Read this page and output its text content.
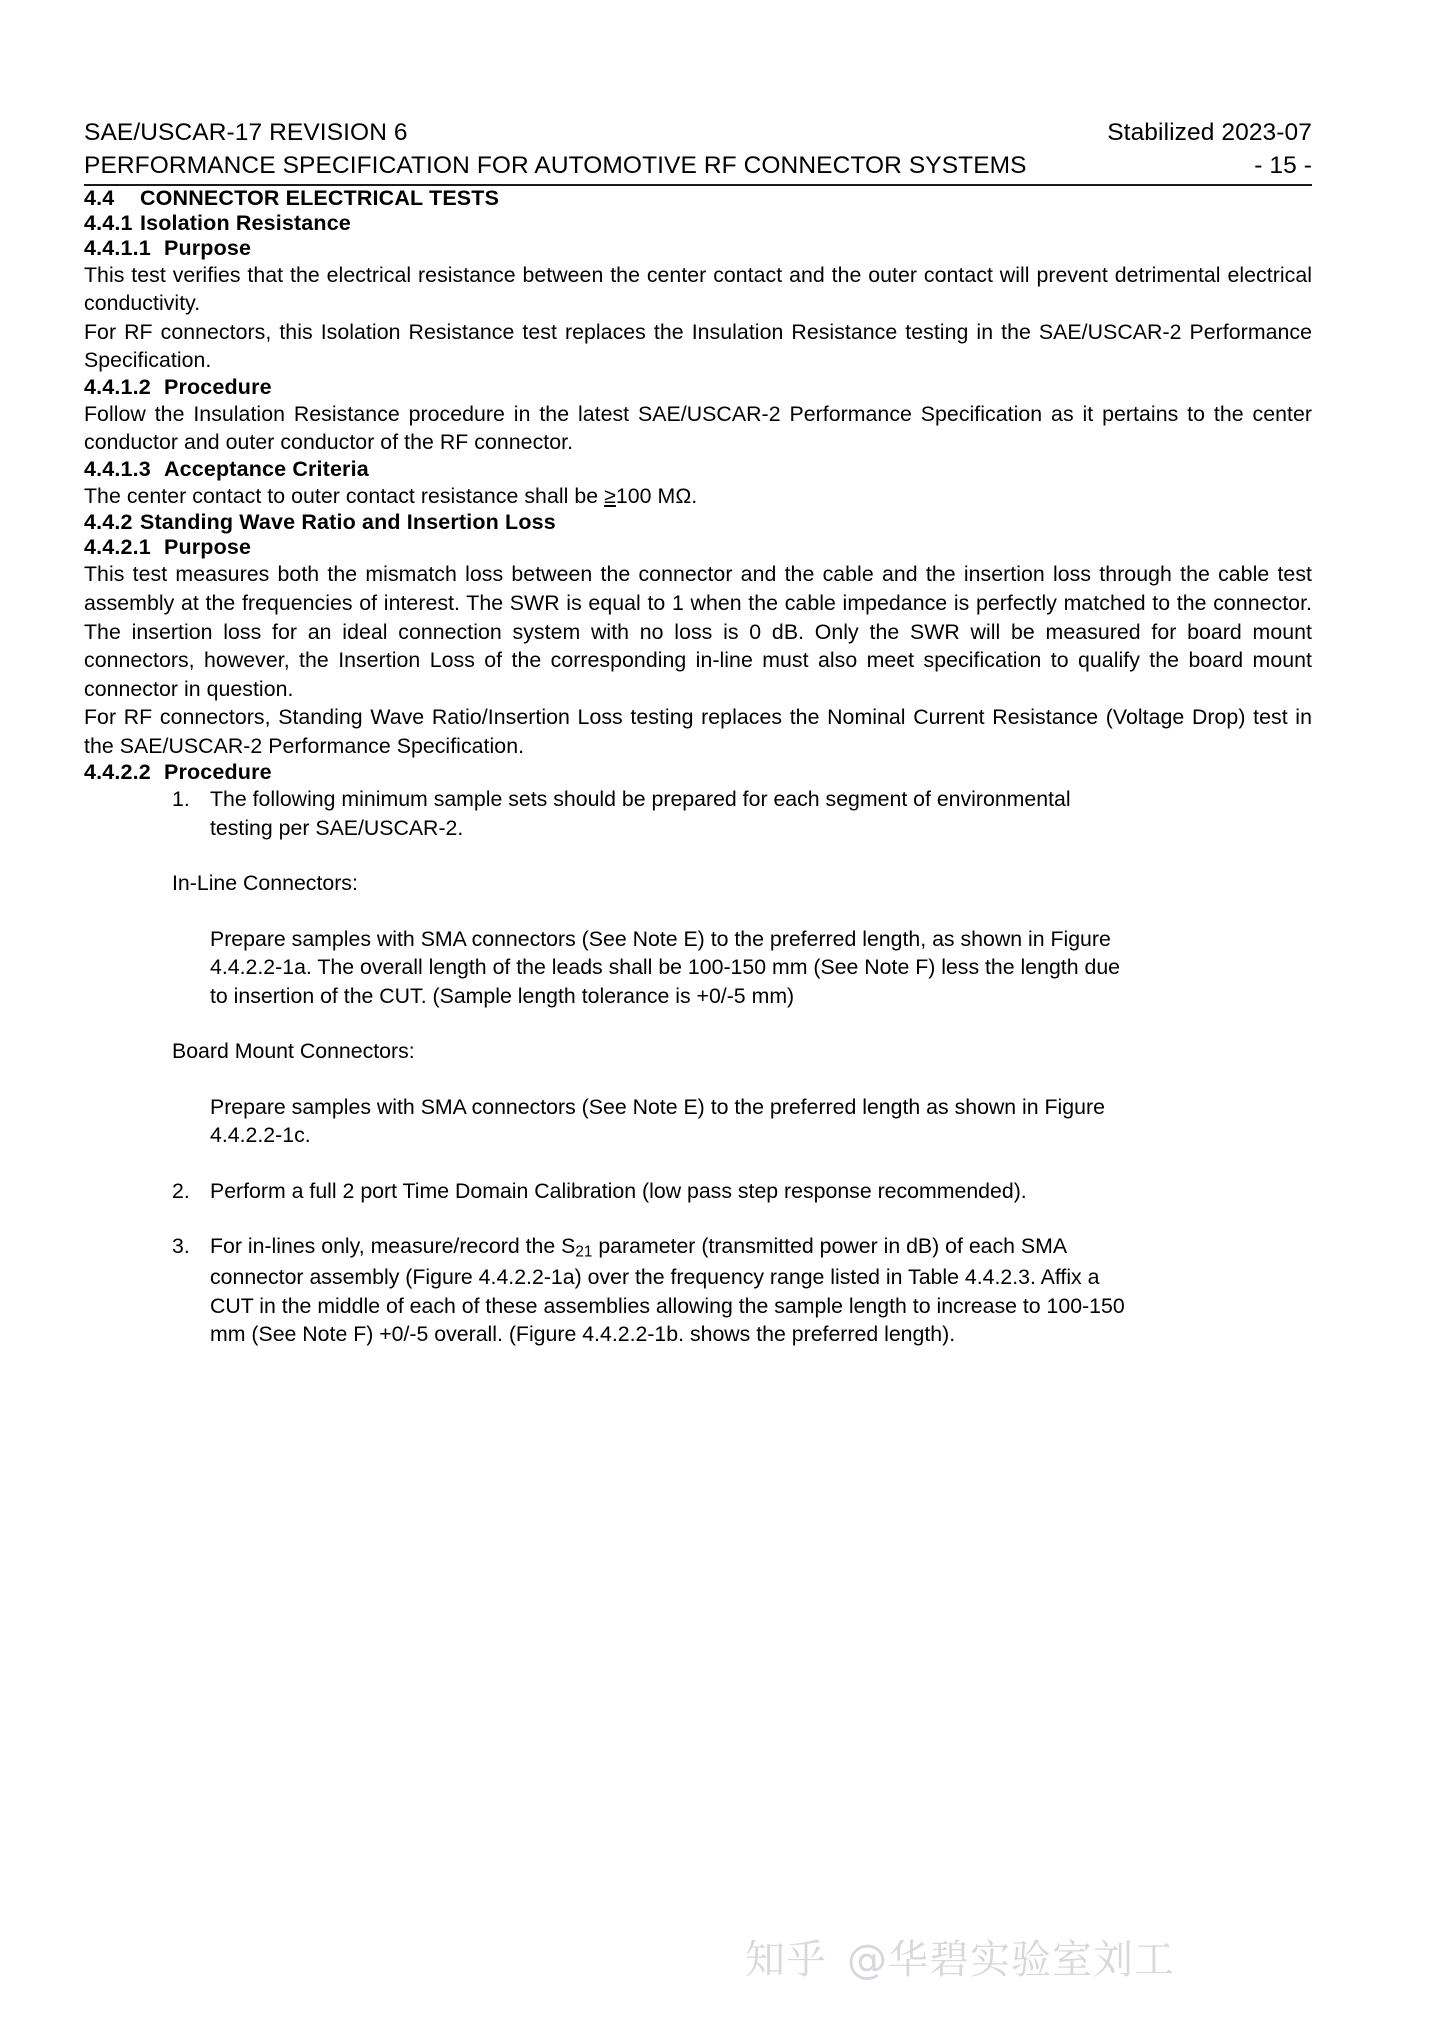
SAE/USCAR-17 REVISION 6	Stabilized 2023-07
PERFORMANCE SPECIFICATION FOR AUTOMOTIVE RF CONNECTOR SYSTEMS	- 15 -
4.4	CONNECTOR ELECTRICAL TESTS
4.4.1 Isolation Resistance
4.4.1.1 Purpose

This test verifies that the electrical resistance between the center contact and the outer contact will prevent detrimental electrical conductivity.

For RF connectors, this Isolation Resistance test replaces the Insulation Resistance testing in the SAE/USCAR-2 Performance Specification.

4.4.1.2 Procedure

Follow the Insulation Resistance procedure in the latest SAE/USCAR-2 Performance Specification as it pertains to the center conductor and outer conductor of the RF connector.

4.4.1.3 Acceptance Criteria

The center contact to outer contact resistance shall be ≥100 MΩ.

4.4.2 Standing Wave Ratio and Insertion Loss
4.4.2.1 Purpose

This test measures both the mismatch loss between the connector and the cable and the insertion loss through the cable test assembly at the frequencies of interest. The SWR is equal to 1 when the cable impedance is perfectly matched to the connector. The insertion loss for an ideal connection system with no loss is 0 dB. Only the SWR will be measured for board mount connectors, however, the Insertion Loss of the corresponding in-line must also meet specification to qualify the board mount connector in question.

For RF connectors, Standing Wave Ratio/Insertion Loss testing replaces the Nominal Current Resistance (Voltage Drop) test in the SAE/USCAR-2 Performance Specification.

4.4.2.2 Procedure
1. The following minimum sample sets should be prepared for each segment of environmental testing per SAE/USCAR-2.
In-Line Connectors:
Prepare samples with SMA connectors (See Note E) to the preferred length, as shown in Figure 4.4.2.2-1a. The overall length of the leads shall be 100-150 mm (See Note F) less the length due to insertion of the CUT. (Sample length tolerance is +0/-5 mm)
Board Mount Connectors:
Prepare samples with SMA connectors (See Note E) to the preferred length as shown in Figure 4.4.2.2-1c.
2. Perform a full 2 port Time Domain Calibration (low pass step response recommended).
3. For in-lines only, measure/record the $S_{21}$ parameter (transmitted power in dB) of each SMA connector assembly (Figure 4.4.2.2-1a) over the frequency range listed in Table 4.4.2.3. Affix a CUT in the middle of each of these assemblies allowing the sample length to increase to 100-150 mm (See Note F) +0/-5 overall. (Figure 4.4.2.2-1b. shows the preferred length).
知乎 @华碧实验室刘工
